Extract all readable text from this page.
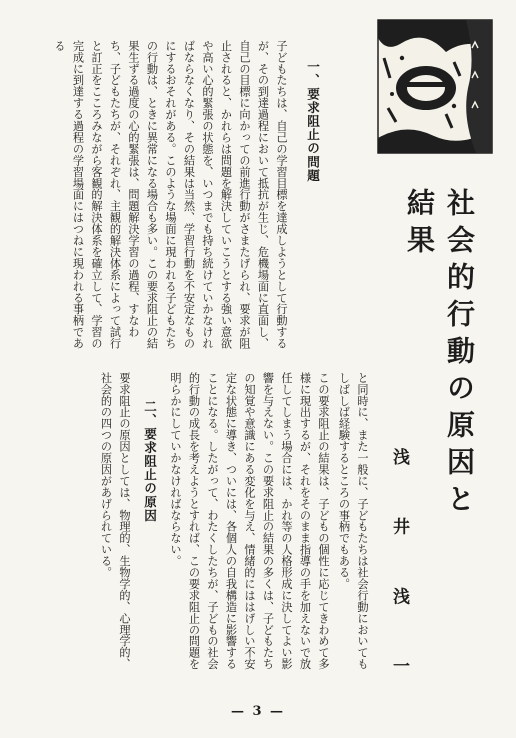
社会的行動の原因と結果

一、要求阻止の問題

子どもたちは、自己の学習目標を達成しようとして行動するが、その到達過程において抵抗が生じ、危機場面に直面し、自己の目標に向かっての前進行動がさまたげられ、要求が阻止されると、かれらは問題を解決していこうとする強い意欲や高い心的緊張の状態を、いつまでも持ち続けていかなければならなくなり、その結果は当然、学習行動を不安定なものにするおそれがある。このような場面に現われる子どもたちの行動は、ときに異常になる場合も多い。この要求阻止の結果生ずる過度の心的緊張は、問題解決学習の過程、すなわち、子どもたちが、それぞれ、主観的解決体系によって試行と訂正をこころみながら客観的解決体系を確立して、学習の完成に到達する過程の学習場面にはつねに現われる事柄である

浅 井 浅 一

と同時に、また一般に、子どもたちは社会行動においてもしばしば経験するところの事柄でもある。

この要求阻止の結果は、子どもの個性に応じてきわめて多様に現出するが、それをそのまま指導の手を加えないで放任してしまう場合には、かれ等の人格形成に決してよい影響を与えない。この要求阻止の結果の多くは、子どもたちの知覚や意識にある変化を与え、情緒的にははげしい不安定な状態に導き、ついには、各個人の自我構造に影響することになる。したがって、わたくしたちが、子どもの社会的行動の成長を考えようとすれば、この要求阻止の問題を明らかにしていかなければならない。

二、要求阻止の原因

要求阻止の原因としては、物理的、生物学的、心理学的、社会的の四つの原因があげられている。

— 3 —
